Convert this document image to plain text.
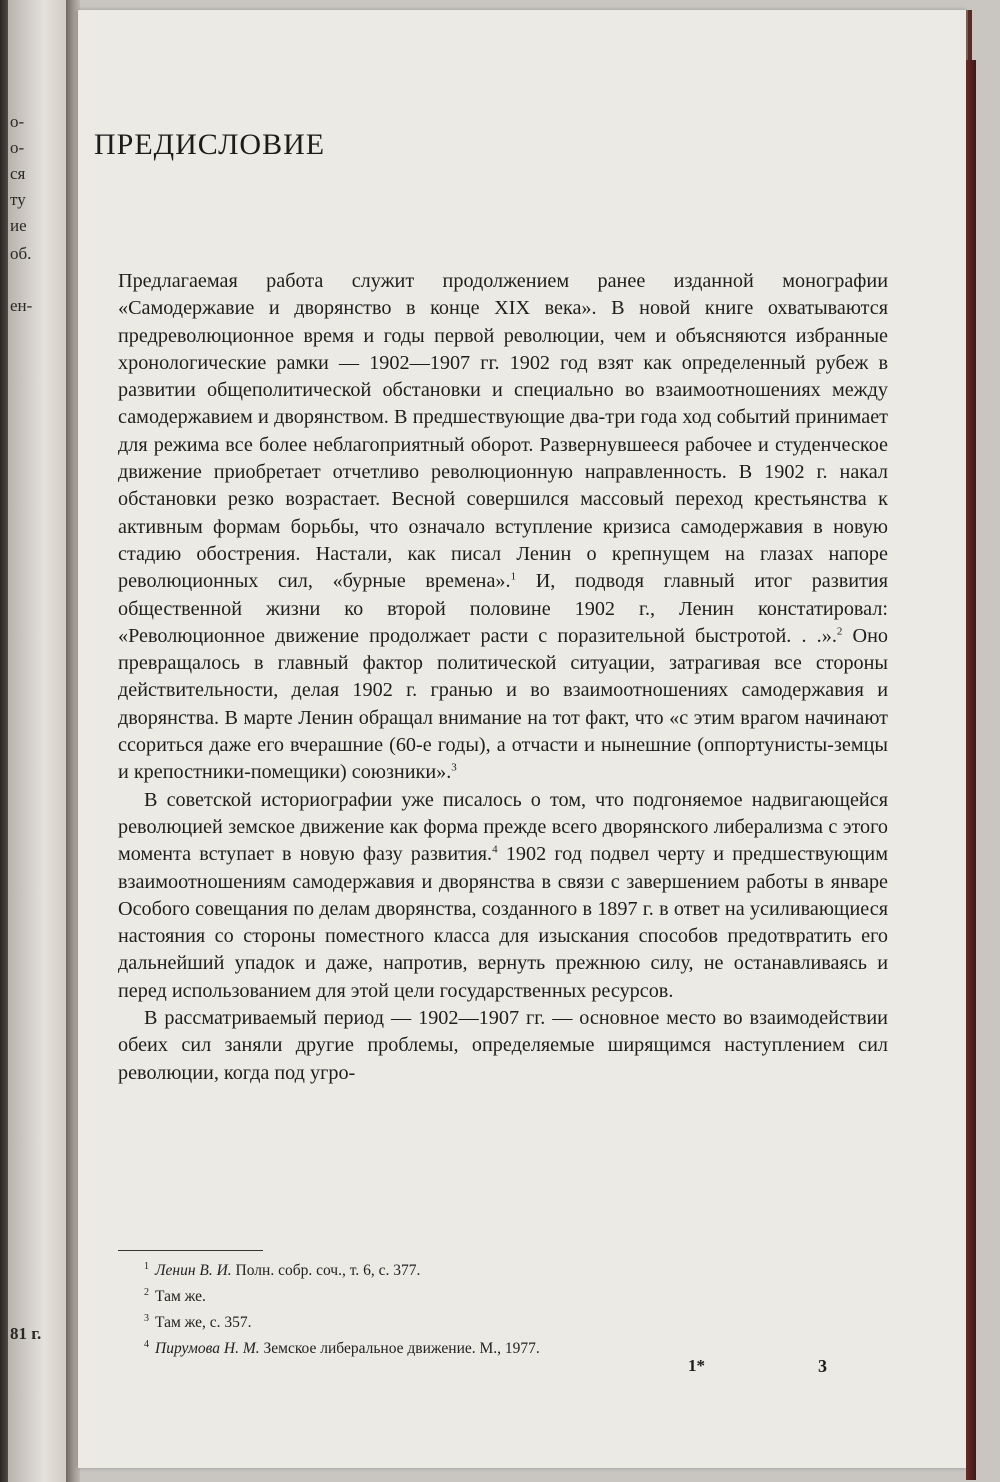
о-
о-
ся
ту
ие
об.
ен-
81 г.
ПРЕДИСЛОВИЕ

Предлагаемая работа служит продолжением ранее изданной монографии «Самодержавие и дворянство в конце XIX века». В новой книге охватываются предреволюционное время и годы первой революции, чем и объясняются избранные хронологические рамки — 1902—1907 гг. 1902 год взят как определенный рубеж в развитии общеполитической обстановки и специально во взаимоотношениях между самодержавием и дворянством. В предшествующие два-три года ход событий принимает для режима все более неблагоприятный оборот. Развернувшееся рабочее и студенческое движение приобретает отчетливо революционную направленность. В 1902 г. накал обстановки резко возрастает. Весной совершился массовый переход крестьянства к активным формам борьбы, что означало вступление кризиса самодержавия в новую стадию обострения. Настали, как писал Ленин о крепнущем на глазах напоре революционных сил, «бурные времена».$^1$ И, подводя главный итог развития общественной жизни ко второй половине 1902 г., Ленин констатировал: «Революционное движение продолжает расти с поразительной быстротой. . .».$^2$ Оно превращалось в главный фактор политической ситуации, затрагивая все стороны действительности, делая 1902 г. гранью и во взаимоотношениях самодержавия и дворянства. В марте Ленин обращал внимание на тот факт, что «с этим врагом начинают ссориться даже его вчерашние (60-е годы), а отчасти и нынешние (оппортунисты-земцы и крепостники-помещики) союзники».$^3$

В советской историографии уже писалось о том, что подгоняемое надвигающейся революцией земское движение как форма прежде всего дворянского либерализма с этого момента вступает в новую фазу развития.$^4$ 1902 год подвел черту и предшествующим взаимоотношениям самодержавия и дворянства в связи с завершением работы в январе Особого совещания по делам дворянства, созданного в 1897 г. в ответ на усиливающиеся настояния со стороны поместного класса для изыскания способов предотвратить его дальнейший упадок и даже, напротив, вернуть прежнюю силу, не останавливаясь и перед использованием для этой цели государственных ресурсов.

В рассматриваемый период — 1902—1907 гг. — основное место во взаимодействии обеих сил заняли другие проблемы, определяемые ширящимся наступлением сил революции, когда под угро-

$^1$ Ленин В. И. Полн. собр. соч., т. 6, с. 377.

$^2$ Там же.

$^3$ Там же, с. 357.

$^4$ Пирумова Н. М. Земское либеральное движение. М., 1977.

1*	3
